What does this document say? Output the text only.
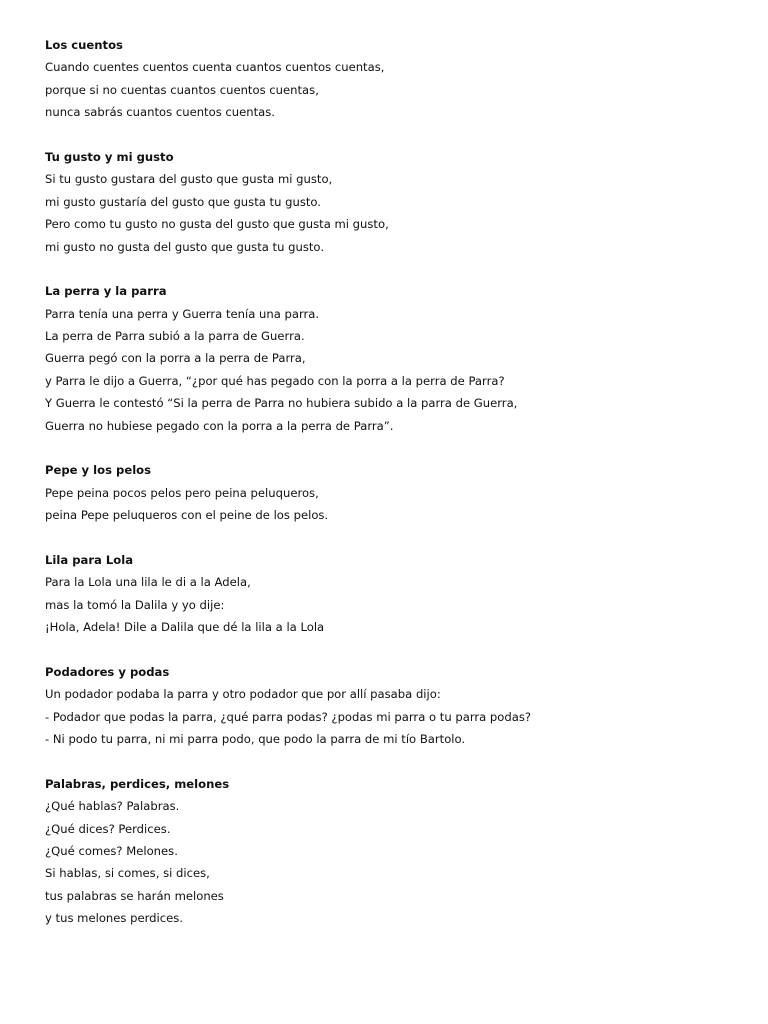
Los cuentos
Cuando cuentes cuentos cuenta cuantos cuentos cuentas,
porque si no cuentas cuantos cuentos cuentas,
nunca sabrás cuantos cuentos cuentas.
Tu gusto y mi gusto
Si tu gusto gustara del gusto que gusta mi gusto,
mi gusto gustaría del gusto que gusta tu gusto.
Pero como tu gusto no gusta del gusto que gusta mi gusto,
mi gusto no gusta del gusto que gusta tu gusto.
La perra y la parra
Parra tenía una perra y Guerra tenía una parra.
La perra de Parra subió a la parra de Guerra.
Guerra pegó con la porra a la perra de Parra,
y Parra le dijo a Guerra, “¿por qué has pegado con la porra a la perra de Parra?
Y Guerra le contestó “Si la perra de Parra no hubiera subido a la parra de Guerra,
Guerra no hubiese pegado con la porra a la perra de Parra”.
Pepe y los pelos
Pepe peina pocos pelos pero peina peluqueros,
peina Pepe peluqueros con el peine de los pelos.
Lila para Lola
Para la Lola una lila le di a la Adela,
mas la tomó la Dalila y yo dije:
¡Hola, Adela! Dile a Dalila que dé la lila a la Lola
Podadores y podas
Un podador podaba la parra y otro podador que por allí pasaba dijo:
- Podador que podas la parra, ¿qué parra podas? ¿podas mi parra o tu parra podas?
- Ni podo tu parra, ni mi parra podo, que podo la parra de mi tío Bartolo.
Palabras, perdices, melones
¿Qué hablas? Palabras.
¿Qué dices? Perdices.
¿Qué comes? Melones.
Si hablas, si comes, si dices,
tus palabras se harán melones
y tus melones perdices.
